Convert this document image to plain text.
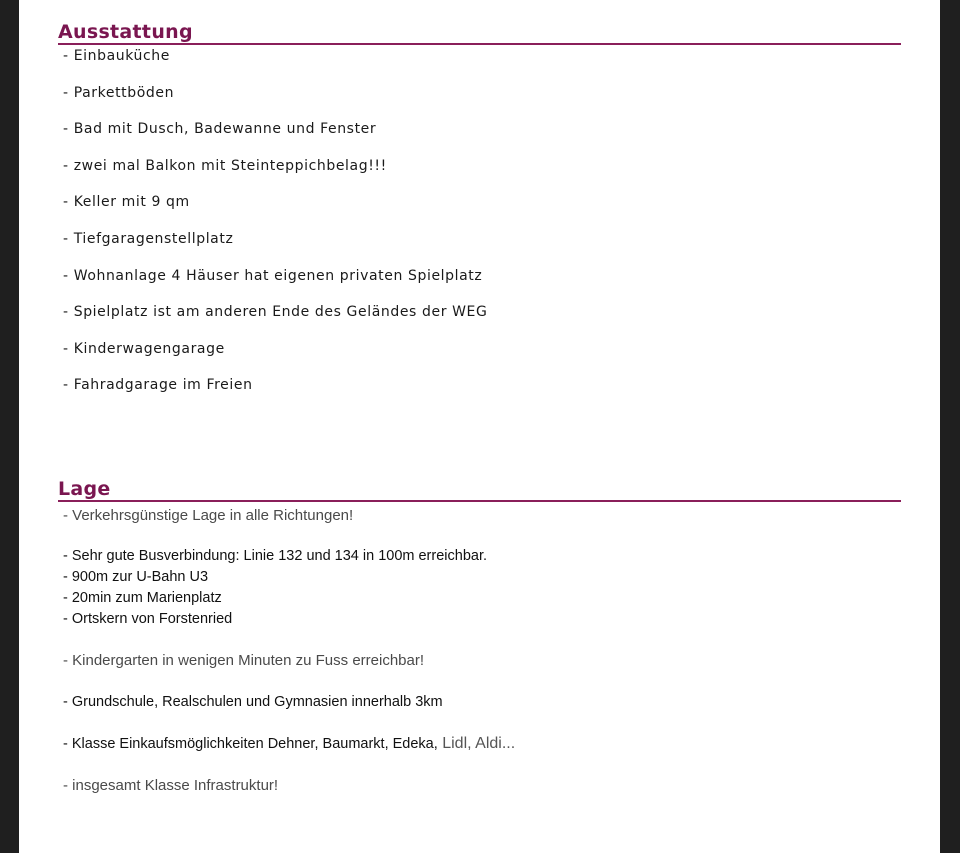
Ausstattung
- Einbauküche
- Parkettböden
- Bad mit Dusch, Badewanne und Fenster
- zwei mal Balkon mit Steinteppichbelag!!!
- Keller mit 9 qm
- Tiefgaragenstellplatz
- Wohnanlage 4 Häuser hat eigenen privaten Spielplatz
- Spielplatz ist am anderen Ende des Geländes der WEG
- Kinderwagengarage
- Fahradgarage im Freien
Lage
- Verkehrsgünstige Lage in alle Richtungen!
- Sehr gute Busverbindung: Linie 132 und 134 in 100m erreichbar.
- 900m zur U-Bahn U3
- 20min zum Marienplatz
- Ortskern von Forstenried
- Kindergarten in wenigen Minuten zu Fuss erreichbar!
- Grundschule, Realschulen und Gymnasien innerhalb 3km
- Klasse Einkaufsmöglichkeiten Dehner, Baumarkt, Edeka, Lidl, Aldi...
- insgesamt Klasse Infrastruktur!
